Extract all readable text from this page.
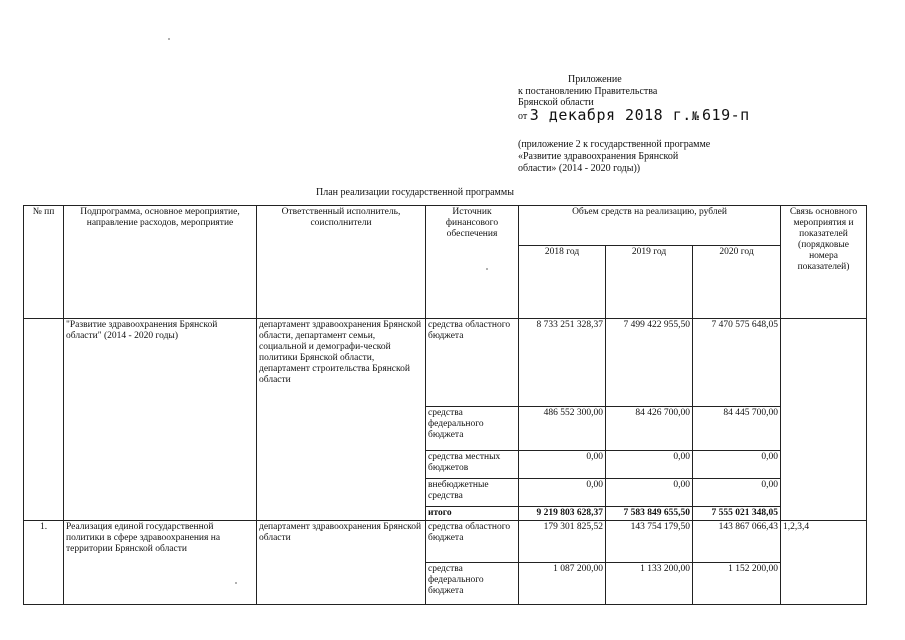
Приложение
к постановлению Правительства
Брянской области
от 3 декабря 2018 г.№ 619-п
(приложение 2 к государственной программе
«Развитие здравоохранения Брянской
области» (2014 - 2020 годы))
План реализации государственной программы
№ пп	Подпрограмма, основное мероприятие, направление расходов, мероприятие	Ответственный исполнитель, соисполнители	Источник финансового обеспечения	Объем средств на реализацию, рублей			Связь основного мероприятия и показателей (порядковые номера показателей)
				2018 год	2019 год	2020 год	
	"Развитие здравоохранения Брянской области" (2014 - 2020 годы)	департамент здравоохранения Брянской области, департамент семьи, социальной и демографи-ческой политики Брянской области, департамент строительства Брянской области	средства областного бюджета	8 733 251 328,37	7 499 422 955,50	7 470 575 648,05	
			средства федерального бюджета	486 552 300,00	84 426 700,00	84 445 700,00	
			средства местных бюджетов	0,00	0,00	0,00	
			внебюджетные средства	0,00	0,00	0,00	
			итого	9 219 803 628,37	7 583 849 655,50	7 555 021 348,05	
1.	Реализация единой государственной политики в сфере здравоохранения на территории Брянской области	департамент здравоохранения Брянской области	средства областного бюджета	179 301 825,52	143 754 179,50	143 867 066,43	1,2,3,4
			средства федерального бюджета	1 087 200,00	1 133 200,00	1 152 200,00	
